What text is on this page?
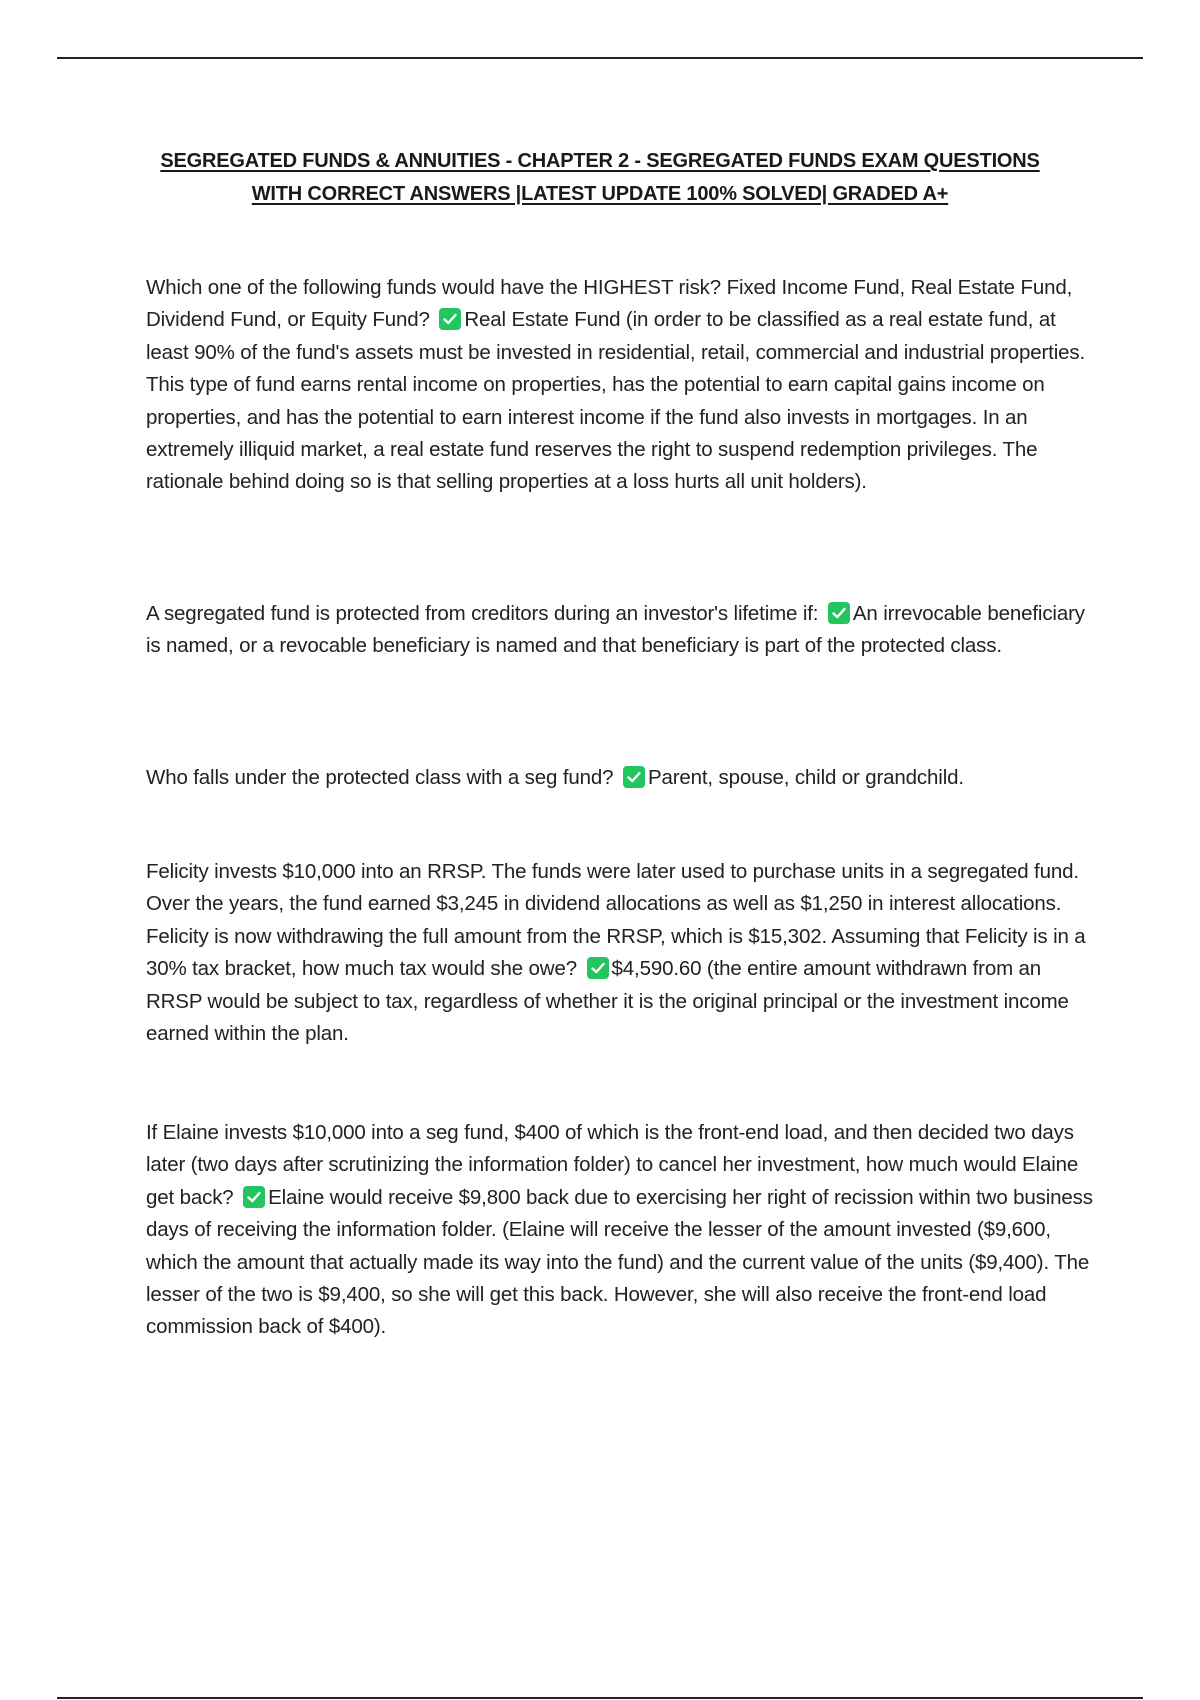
SEGREGATED FUNDS & ANNUITIES - CHAPTER 2 - SEGREGATED FUNDS EXAM QUESTIONS
WITH CORRECT ANSWERS |LATEST UPDATE 100% SOLVED| GRADED A+

Which one of the following funds would have the HIGHEST risk? Fixed Income Fund, Real Estate Fund, Dividend Fund, or Equity Fund? Real Estate Fund (in order to be classified as a real estate fund, at least 90% of the fund's assets must be invested in residential, retail, commercial and industrial properties. This type of fund earns rental income on properties, has the potential to earn capital gains income on properties, and has the potential to earn interest income if the fund also invests in mortgages. In an extremely illiquid market, a real estate fund reserves the right to suspend redemption privileges. The rationale behind doing so is that selling properties at a loss hurts all unit holders).

A segregated fund is protected from creditors during an investor's lifetime if: An irrevocable beneficiary is named, or a revocable beneficiary is named and that beneficiary is part of the protected class.

Who falls under the protected class with a seg fund? Parent, spouse, child or grandchild.

Felicity invests $10,000 into an RRSP. The funds were later used to purchase units in a segregated fund. Over the years, the fund earned $3,245 in dividend allocations as well as $1,250 in interest allocations. Felicity is now withdrawing the full amount from the RRSP, which is $15,302. Assuming that Felicity is in a 30% tax bracket, how much tax would she owe? $4,590.60 (the entire amount withdrawn from an RRSP would be subject to tax, regardless of whether it is the original principal or the investment income earned within the plan.

If Elaine invests $10,000 into a seg fund, $400 of which is the front-end load, and then decided two days later (two days after scrutinizing the information folder) to cancel her investment, how much would Elaine get back? Elaine would receive $9,800 back due to exercising her right of recission within two business days of receiving the information folder. (Elaine will receive the lesser of the amount invested ($9,600, which the amount that actually made its way into the fund) and the current value of the units ($9,400). The lesser of the two is $9,400, so she will get this back. However, she will also receive the front-end load commission back of $400).
